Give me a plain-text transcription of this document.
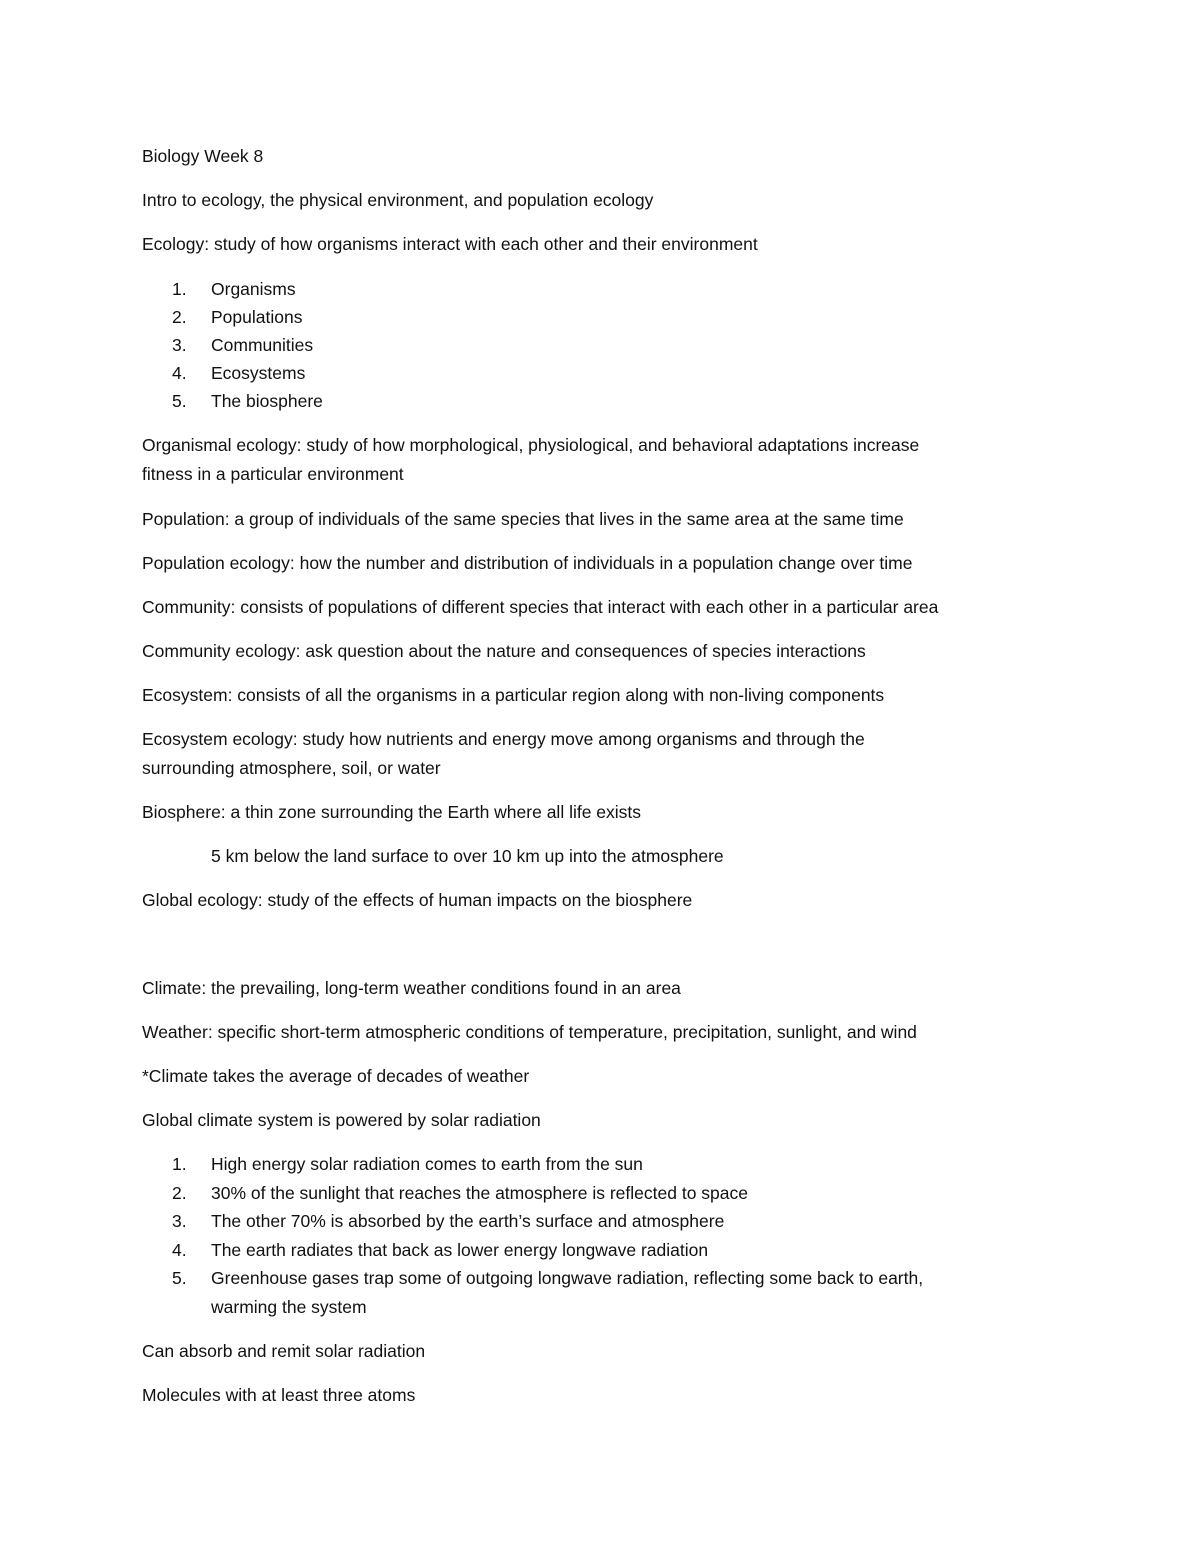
Biology Week 8
Intro to ecology, the physical environment, and population ecology
Ecology: study of how organisms interact with each other and their environment
1. Organisms
2. Populations
3. Communities
4. Ecosystems
5. The biosphere
Organismal ecology: study of how morphological, physiological, and behavioral adaptations increase
fitness in a particular environment
Population: a group of individuals of the same species that lives in the same area at the same time
Population ecology: how the number and distribution of individuals in a population change over time
Community: consists of populations of different species that interact with each other in a particular area
Community ecology: ask question about the nature and consequences of species interactions
Ecosystem: consists of all the organisms in a particular region along with non-living components
Ecosystem ecology: study how nutrients and energy move among organisms and through the
surrounding atmosphere, soil, or water
Biosphere: a thin zone surrounding the Earth where all life exists
5 km below the land surface to over 10 km up into the atmosphere
Global ecology: study of the effects of human impacts on the biosphere
Climate: the prevailing, long-term weather conditions found in an area
Weather: specific short-term atmospheric conditions of temperature, precipitation, sunlight, and wind
*Climate takes the average of decades of weather
Global climate system is powered by solar radiation
1. High energy solar radiation comes to earth from the sun
2. 30% of the sunlight that reaches the atmosphere is reflected to space
3. The other 70% is absorbed by the earth’s surface and atmosphere
4. The earth radiates that back as lower energy longwave radiation
5. Greenhouse gases trap some of outgoing longwave radiation, reflecting some back to earth,
warming the system
Can absorb and remit solar radiation
Molecules with at least three atoms
